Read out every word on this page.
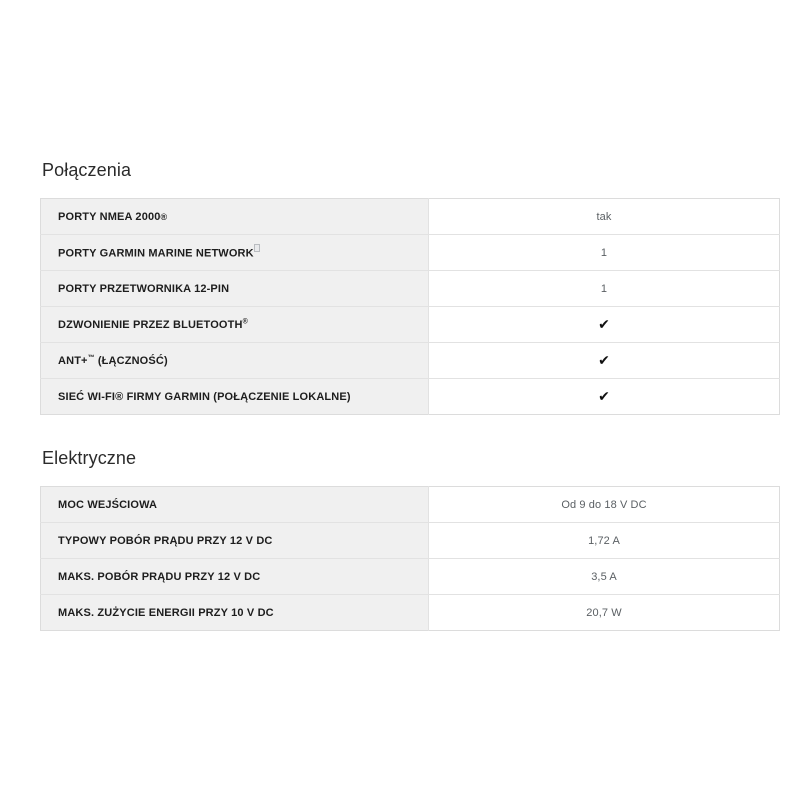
Połączenia
PORTY NMEA 2000®	tak
PORTY GARMIN MARINE NETWORK	1
PORTY PRZETWORNIKA 12-PIN	1
DZWONIENIE PRZEZ BLUETOOTH®	✔
ANT+™ (ŁĄCZNOŚĆ)	✔
SIEĆ WI-FI® FIRMY GARMIN (POŁĄCZENIE LOKALNE)	✔
Elektryczne
MOC WEJŚCIOWA	Od 9 do 18 V DC
TYPOWY POBÓR PRĄDU PRZY 12 V DC	1,72 A
MAKS. POBÓR PRĄDU PRZY 12 V DC	3,5 A
MAKS. ZUŻYCIE ENERGII PRZY 10 V DC	20,7 W
